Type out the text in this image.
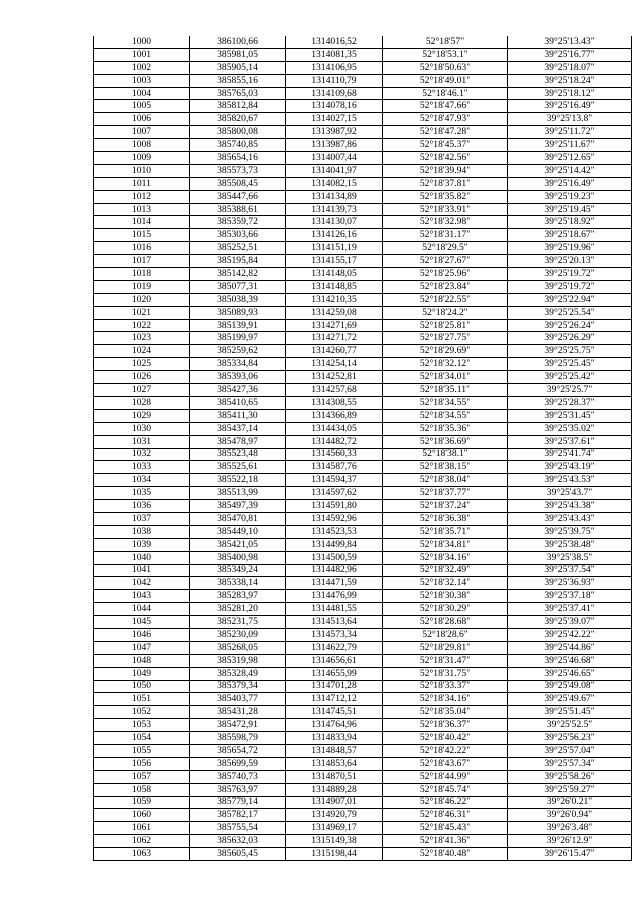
1000	386100,66	1314016,52	52°18'57"	39°25'13.43"
1001	385981,05	1314081,35	52°18'53.1"	39°25'16.77"
1002	385905,14	1314106,95	52°18'50.63"	39°25'18.07"
1003	385855,16	1314110,79	52°18'49.01"	39°25'18.24"
1004	385765,03	1314109,68	52°18'46.1"	39°25'18.12"
1005	385812,84	1314078,16	52°18'47.66"	39°25'16.49"
1006	385820,67	1314027,15	52°18'47.93"	39°25'13.8"
1007	385800,08	1313987,92	52°18'47.28"	39°25'11.72"
1008	385740,85	1313987,86	52°18'45.37"	39°25'11.67"
1009	385654,16	1314007,44	52°18'42.56"	39°25'12.65"
1010	385573,73	1314041,97	52°18'39.94"	39°25'14.42"
1011	385508,45	1314082,15	52°18'37.81"	39°25'16.49"
1012	385447,66	1314134,89	52°18'35.82"	39°25'19.23"
1013	385388,61	1314139,73	52°18'33.91"	39°25'19.45"
1014	385359,72	1314130,07	52°18'32.98"	39°25'18.92"
1015	385303,66	1314126,16	52°18'31.17"	39°25'18.67"
1016	385252,51	1314151,19	52°18'29.5"	39°25'19.96"
1017	385195,84	1314155,17	52°18'27.67"	39°25'20.13"
1018	385142,82	1314148,05	52°18'25.96"	39°25'19.72"
1019	385077,31	1314148,85	52°18'23.84"	39°25'19.72"
1020	385038,39	1314210,35	52°18'22.55"	39°25'22.94"
1021	385089,93	1314259,08	52°18'24.2"	39°25'25.54"
1022	385139,91	1314271,69	52°18'25.81"	39°25'26.24"
1023	385199,97	1314271,72	52°18'27.75"	39°25'26.29"
1024	385259,62	1314260,77	52°18'29.69"	39°25'25.75"
1025	385334,84	1314254,14	52°18'32.12"	39°25'25.45"
1026	385393,06	1314252,81	52°18'34.01"	39°25'25.42"
1027	385427,36	1314257,68	52°18'35.11"	39°25'25.7"
1028	385410,65	1314308,55	52°18'34.55"	39°25'28.37"
1029	385411,30	1314366,89	52°18'34.55"	39°25'31.45"
1030	385437,14	1314434,05	52°18'35.36"	39°25'35.02"
1031	385478,97	1314482,72	52°18'36.69"	39°25'37.61"
1032	385523,48	1314560,33	52°18'38.1"	39°25'41.74"
1033	385525,61	1314587,76	52°18'38.15"	39°25'43.19"
1034	385522,18	1314594,37	52°18'38.04"	39°25'43.53"
1035	385513,99	1314597,62	52°18'37.77"	39°25'43.7"
1036	385497,39	1314591,80	52°18'37.24"	39°25'43.38"
1037	385470,81	1314592,96	52°18'36.38"	39°25'43.43"
1038	385449,10	1314523,53	52°18'35.71"	39°25'39.75"
1039	385421,05	1314499,84	52°18'34.81"	39°25'38.48"
1040	385400,98	1314500,59	52°18'34.16"	39°25'38.5"
1041	385349,24	1314482,96	52°18'32.49"	39°25'37.54"
1042	385338,14	1314471,59	52°18'32.14"	39°25'36.93"
1043	385283,97	1314476,99	52°18'30.38"	39°25'37.18"
1044	385281,20	1314481,55	52°18'30.29"	39°25'37.41"
1045	385231,75	1314513,64	52°18'28.68"	39°25'39.07"
1046	385230,09	1314573,34	52°18'28.6"	39°25'42.22"
1047	385268,05	1314622,79	52°18'29.81"	39°25'44.86"
1048	385319,98	1314656,61	52°18'31.47"	39°25'46.68"
1049	385328,49	1314655,99	52°18'31.75"	39°25'46.65"
1050	385379,34	1314701,28	52°18'33.37"	39°25'49.08"
1051	385403,77	1314712,12	52°18'34.16"	39°25'49.67"
1052	385431,28	1314745,51	52°18'35.04"	39°25'51.45"
1053	385472,91	1314764,96	52°18'36.37"	39°25'52.5"
1054	385598,79	1314833,94	52°18'40.42"	39°25'56.23"
1055	385654,72	1314848,57	52°18'42.22"	39°25'57.04"
1056	385699,59	1314853,64	52°18'43.67"	39°25'57.34"
1057	385740,73	1314870,51	52°18'44.99"	39°25'58.26"
1058	385763,97	1314889,28	52°18'45.74"	39°25'59.27"
1059	385779,14	1314907,01	52°18'46.22"	39°26'0.21"
1060	385782,17	1314920,79	52°18'46.31"	39°26'0.94"
1061	385755,54	1314969,17	52°18'45.43"	39°26'3.48"
1062	385632,03	1315149,38	52°18'41.36"	39°26'12.9"
1063	385605,45	1315198,44	52°18'40.48"	39°26'15.47"
